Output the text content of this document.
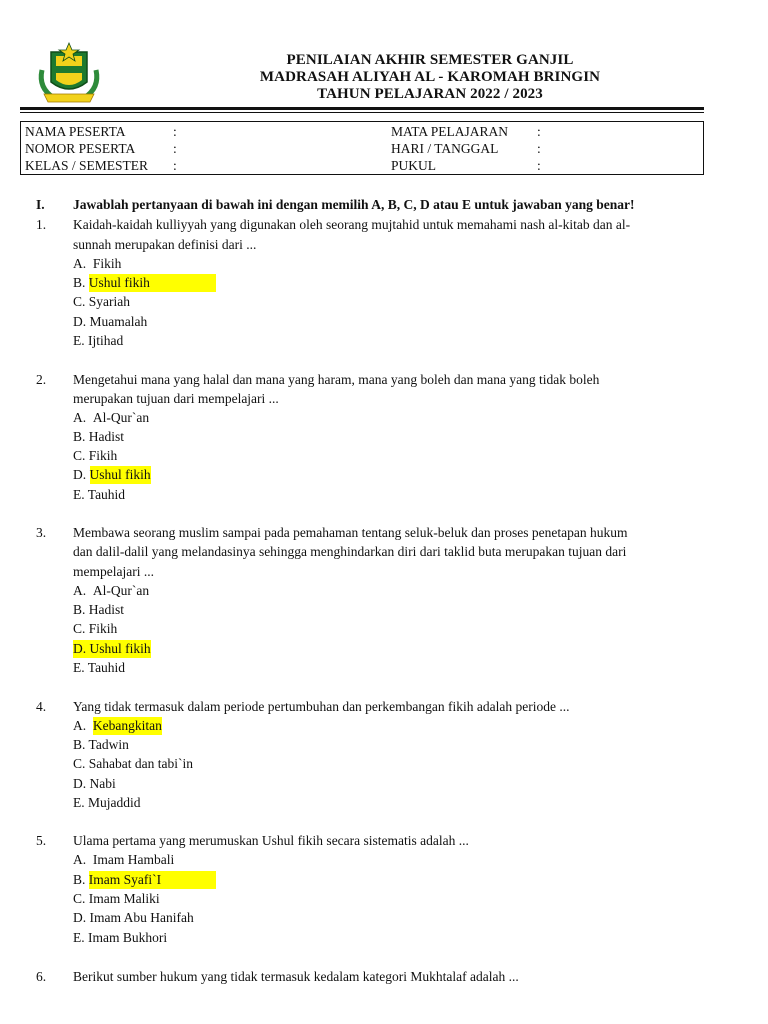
PENILAIAN AKHIR SEMESTER GANJIL
MADRASAH ALIYAH AL - KAROMAH BRINGIN
TAHUN PELAJARAN 2022 / 2023
NAMA PESERTA	:	MATA PELAJARAN :
NOMOR PESERTA	:	HARI / TANGGAL	:
KELAS / SEMESTER :	PUKUL	:
I. Jawablah pertanyaan di bawah ini dengan memilih A, B, C, D atau E untuk jawaban yang benar!
1. Kaidah-kaidah kulliyyah yang digunakan oleh seorang mujtahid untuk memahami nash al-kitab dan al-
sunnah merupakan definisi dari ...
A. Fikih
B. Ushul fikih
C. Syariah
D. Muamalah
E. Ijtihad
2. Mengetahui mana yang halal dan mana yang haram, mana yang boleh dan mana yang tidak boleh
merupakan tujuan dari mempelajari ...
A. Al-Qur`an
B. Hadist
C. Fikih
D. Ushul fikih
E. Tauhid
3. Membawa seorang muslim sampai pada pemahaman tentang seluk-beluk dan proses penetapan hukum
dan dalil-dalil yang melandasinya sehingga menghindarkan diri dari taklid buta merupakan tujuan dari
mempelajari ...
A. Al-Qur`an
B. Hadist
C. Fikih
D. Ushul fikih
E. Tauhid
4. Yang tidak termasuk dalam periode pertumbuhan dan perkembangan fikih adalah periode ...
A. Kebangkitan
B. Tadwin
C. Sahabat dan tabi`in
D. Nabi
E. Mujaddid
5. Ulama pertama yang merumuskan Ushul fikih secara sistematis adalah ...
A. Imam Hambali
B. Imam Syafi`I
C. Imam Maliki
D. Imam Abu Hanifah
E. Imam Bukhori
6. Berikut sumber hukum yang tidak termasuk kedalam kategori Mukhtalaf adalah ...
